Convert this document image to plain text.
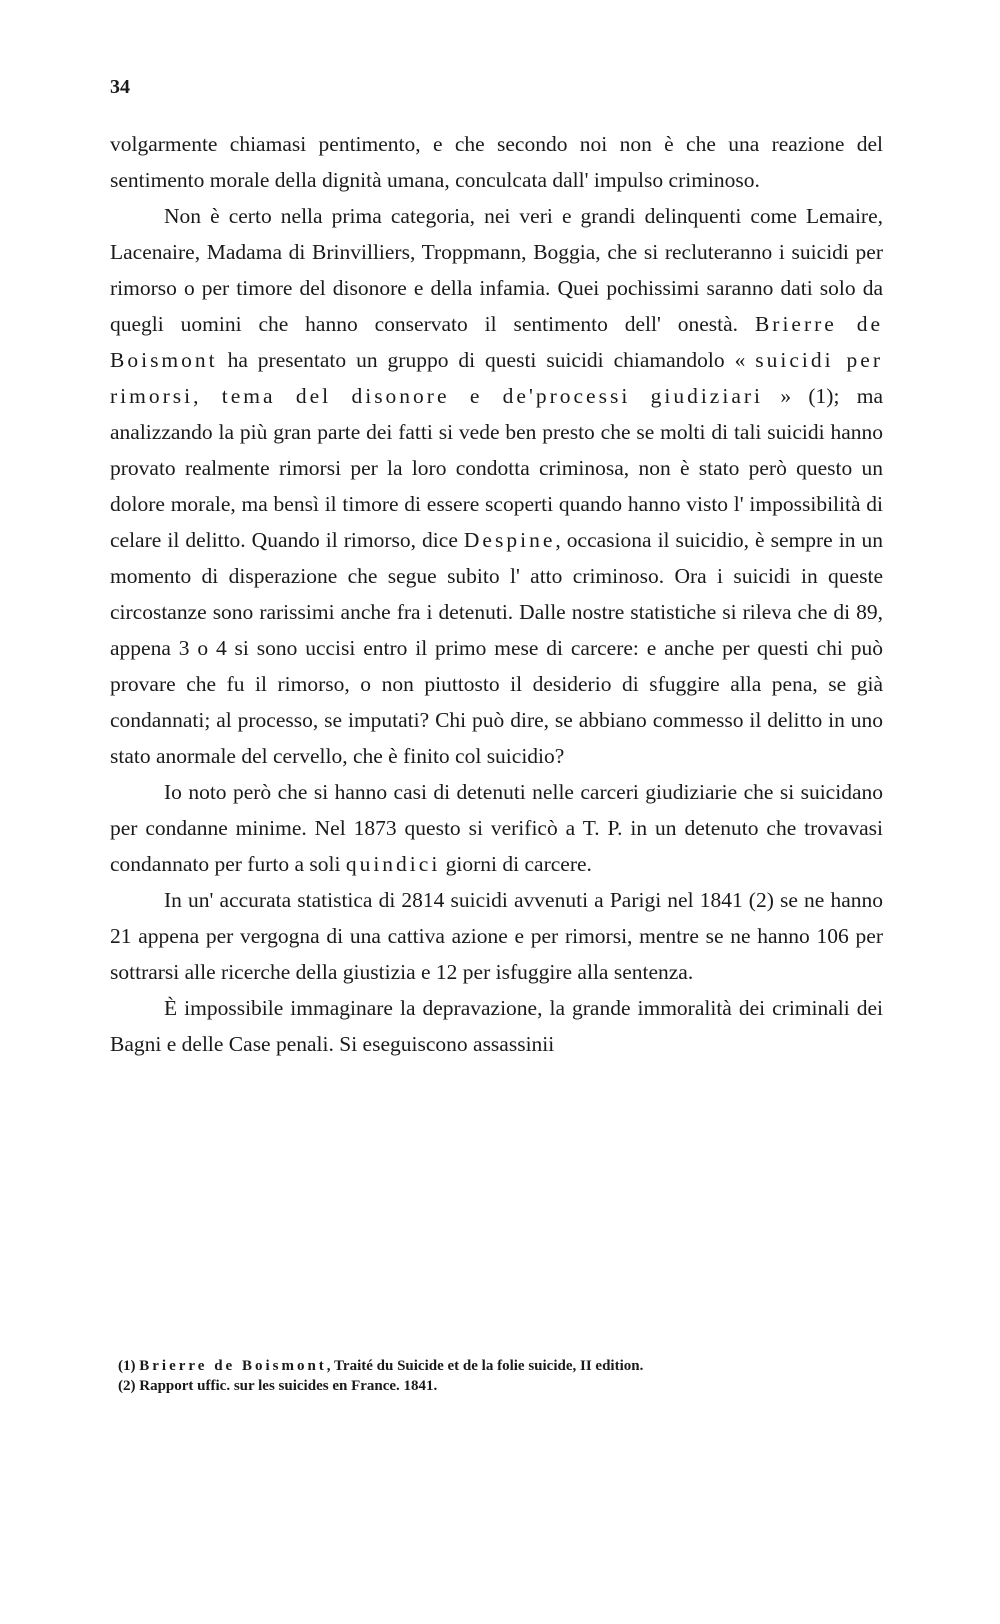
34

volgarmente chiamasi pentimento, e che secondo noi non è che una reazione del sentimento morale della dignità umana, conculcata dall' impulso criminoso.

Non è certo nella prima categoria, nei veri e grandi delinquenti come Lemaire, Lacenaire, Madama di Brinvilliers, Troppmann, Boggia, che si recluteranno i suicidi per rimorso o per timore del disonore e della infamia. Quei pochissimi saranno dati solo da quegli uomini che hanno conservato il sentimento dell' onestà. Brierre de Boismont ha presentato un gruppo di questi suicidi chiamandolo « suicidi per rimorsi, tema del disonore e de'processi giudiziari » (1); ma analizzando la più gran parte dei fatti si vede ben presto che se molti di tali suicidi hanno provato realmente rimorsi per la loro condotta criminosa, non è stato però questo un dolore morale, ma bensì il timore di essere scoperti quando hanno visto l' impossibilità di celare il delitto. Quando il rimorso, dice Despine, occasiona il suicidio, è sempre in un momento di disperazione che segue subito l' atto criminoso. Ora i suicidi in queste circostanze sono rarissimi anche fra i detenuti. Dalle nostre statistiche si rileva che di 89, appena 3 o 4 si sono uccisi entro il primo mese di carcere: e anche per questi chi può provare che fu il rimorso, o non piuttosto il desiderio di sfuggire alla pena, se già condannati; al processo, se imputati? Chi può dire, se abbiano commesso il delitto in uno stato anormale del cervello, che è finito col suicidio?

Io noto però che si hanno casi di detenuti nelle carceri giudiziarie che si suicidano per condanne minime. Nel 1873 questo si verificò a T. P. in un detenuto che trovavasi condannato per furto a soli quindici giorni di carcere.

In un' accurata statistica di 2814 suicidi avvenuti a Parigi nel 1841 (2) se ne hanno 21 appena per vergogna di una cattiva azione e per rimorsi, mentre se ne hanno 106 per sottrarsi alle ricerche della giustizia e 12 per isfuggire alla sentenza.

È impossibile immaginare la depravazione, la grande immoralità dei criminali dei Bagni e delle Case penali. Si eseguiscono assassinii

(1) Brierre de Boismont, Traité du Suicide et de la folie suicide, II edition.

(2) Rapport uffic. sur les suicides en France. 1841.
